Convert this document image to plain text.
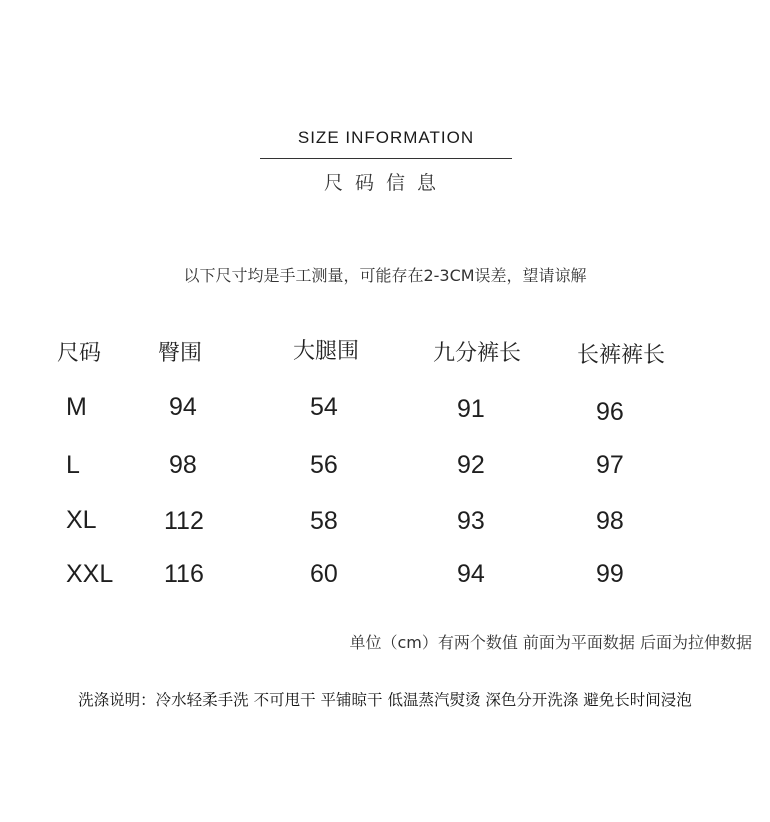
SIZE INFORMATION
尺码信息
以下尺寸均是手工测量，可能存在2-3CM误差，望请谅解
尺码	臀围	大腿围	九分裤长	长裤裤长
M	94	54	91	96
L	98	56	92	97
XL	112	58	93	98
XXL 116	60	94	99
单位（cm）有两个数值 前面为平面数据 后面为拉伸数据
洗涤说明：冷水轻柔手洗 不可甩干 平铺晾干 低温蒸汽熨烫 深色分开洗涤 避免长时间浸泡
